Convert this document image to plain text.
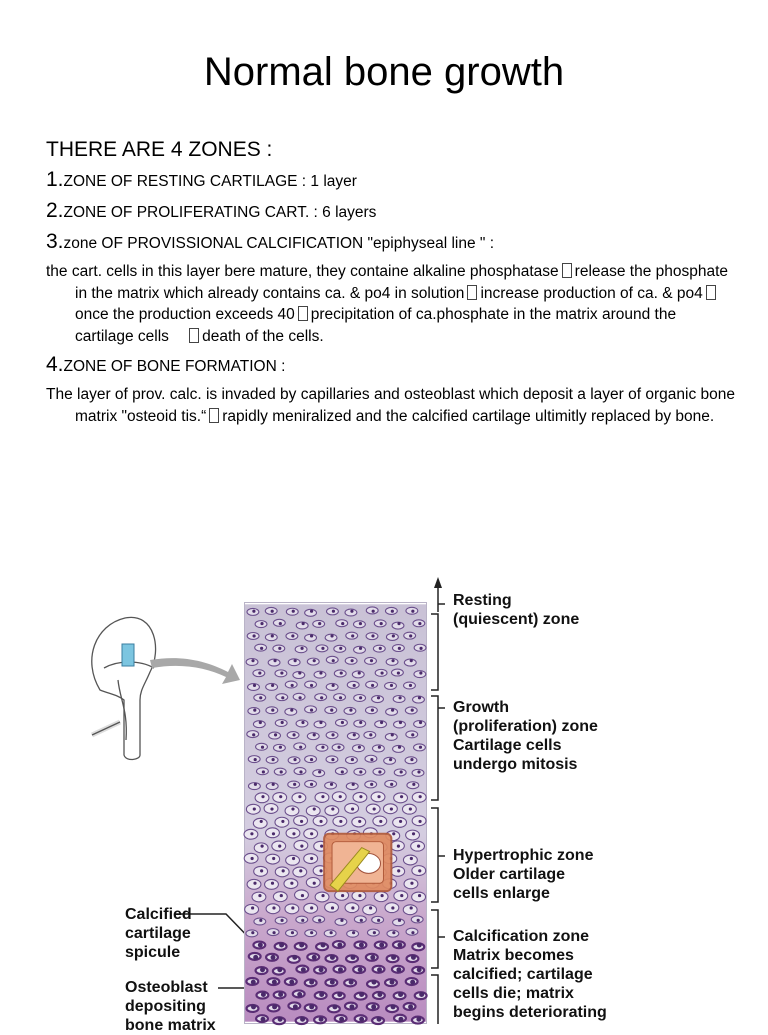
Normal bone growth
THERE ARE 4 ZONES :
1.ZONE OF RESTING CARTILAGE : 1 layer
2.ZONE OF PROLIFERATING CART. : 6 layers
3.zone OF PROVISSIONAL CALCIFICATION "epiphyseal line " :
the cart. cells in this layer bere mature, they containe alkaline phosphatase release the phosphate in the matrix which already contains ca. & po4 in solution increase production of ca. & po4once the production exceeds 40 precipitation of ca.phosphate in the matrix around the cartilage cells death of the cells.
4.ZONE OF BONE FORMATION :
The layer of prov. calc. is invaded by capillaries and osteoblast which deposit a layer of organic bone matrix "osteoid tis.“ rapidly meniralized and the calcified cartilage ultimitly replaced by bone.
Resting
(quiescent) zone
Growth
(proliferation) zone
Cartilage cells
undergo mitosis
Hypertrophic zone
Older cartilage
cells enlarge
Calcification zone
Matrix becomes
calcified; cartilage
cells die; matrix
begins deteriorating
Calcified
cartilage
spicule
Osteoblast
depositing
bone matrix
